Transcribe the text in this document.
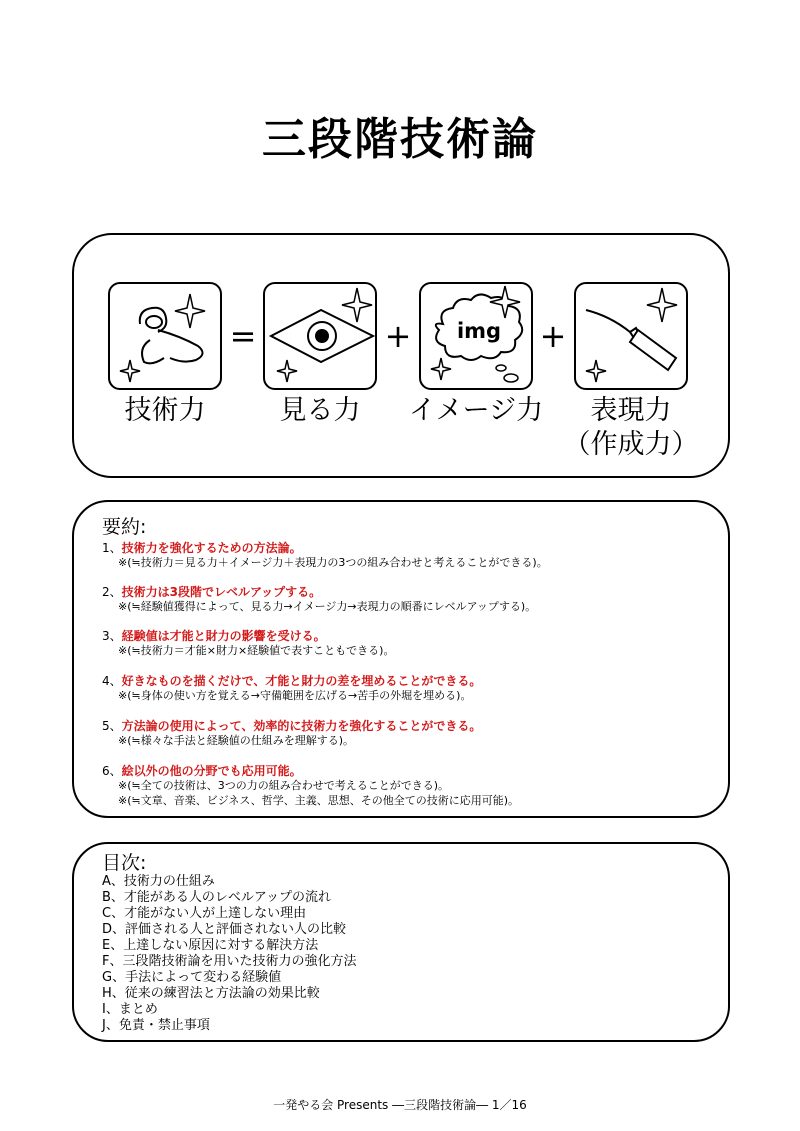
三段階技術論
=	+ img +
技術力	見る力	イメージ力	表現力
（作成力）
要約:
1、技術力を強化するための方法論。
※(≒技術力＝見る力＋イメージ力＋表現力の3つの組み合わせと考えることができる)。
2、技術力は3段階でレベルアップする。
※(≒経験値獲得によって、見る力→イメージ力→表現力の順番にレベルアップする)。
3、経験値は才能と財力の影響を受ける。
※(≒技術力＝才能×財力×経験値で表すこともできる)。
4、好きなものを描くだけで、才能と財力の差を埋めることができる。
※(≒身体の使い方を覚える→守備範囲を広げる→苦手の外堀を埋める)。
5、方法論の使用によって、効率的に技術力を強化することができる。
※(≒様々な手法と経験値の仕組みを理解する)。
6、絵以外の他の分野でも応用可能。
※(≒全ての技術は、3つの力の組み合わせで考えることができる)。
※(≒文章、音楽、ビジネス、哲学、主義、思想、その他全ての技術に応用可能)。
目次:
A、技術力の仕組み
B、才能がある人のレベルアップの流れ
C、才能がない人が上達しない理由
D、評価される人と評価されない人の比較
E、上達しない原因に対する解決方法
F、三段階技術論を用いた技術力の強化方法
G、手法によって変わる経験値
H、従来の練習法と方法論の効果比較
I、まとめ
J、免責・禁止事項
一発やる会 Presents ―三段階技術論― 1／16
